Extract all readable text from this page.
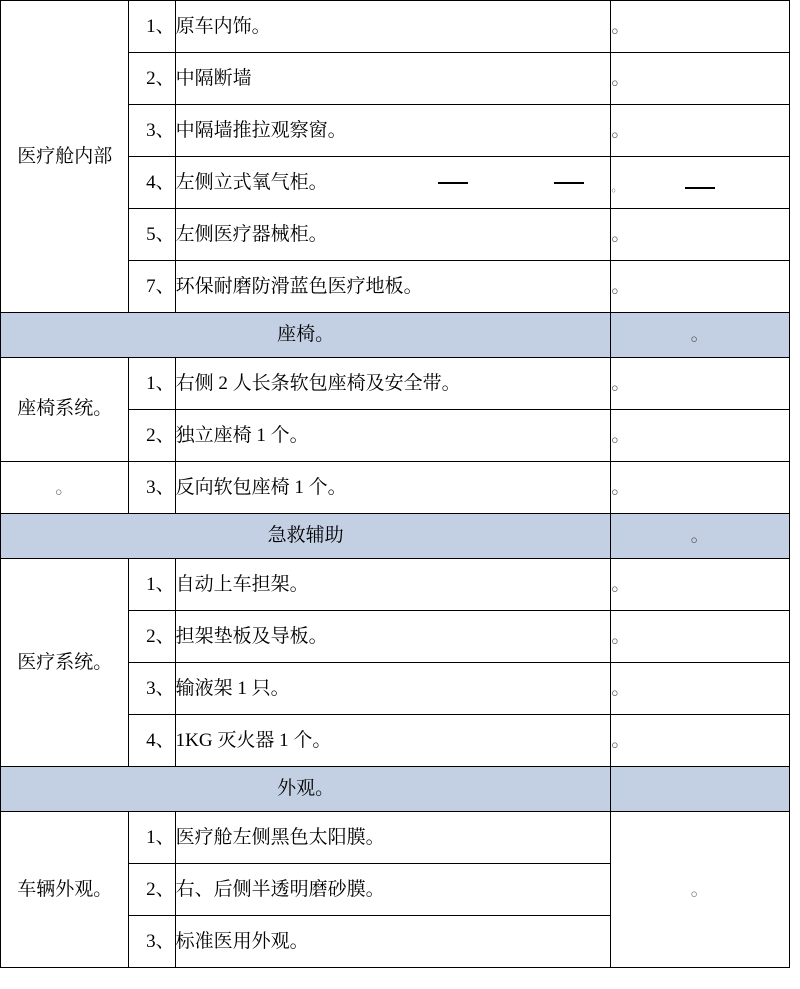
医疗舱内部	1、	原车内饰。	。
	2、	中隔断墙	。
	3、	中隔墙推拉观察窗。	。
	4、	左侧立式氧气柜。	。

	5、	左侧医疗器械柜。	。
	7、	环保耐磨防滑蓝色医疗地板。	。
座椅。			。
座椅系统。	1、	右侧 2 人长条软包座椅及安全带。	。
	2、	独立座椅 1 个。	。
。	3、	反向软包座椅 1 个。	。
急救辅助			。
医疗系统。	1、	自动上车担架。	。
	2、	担架垫板及导板。	。
	3、	输液架 1 只。	。
	4、	1KG 灭火器 1 个。	。
外观。			
车辆外观。	1、	医疗舱左侧黑色太阳膜。	。
	2、	右、后侧半透明磨砂膜。	
	3、	标准医用外观。	
